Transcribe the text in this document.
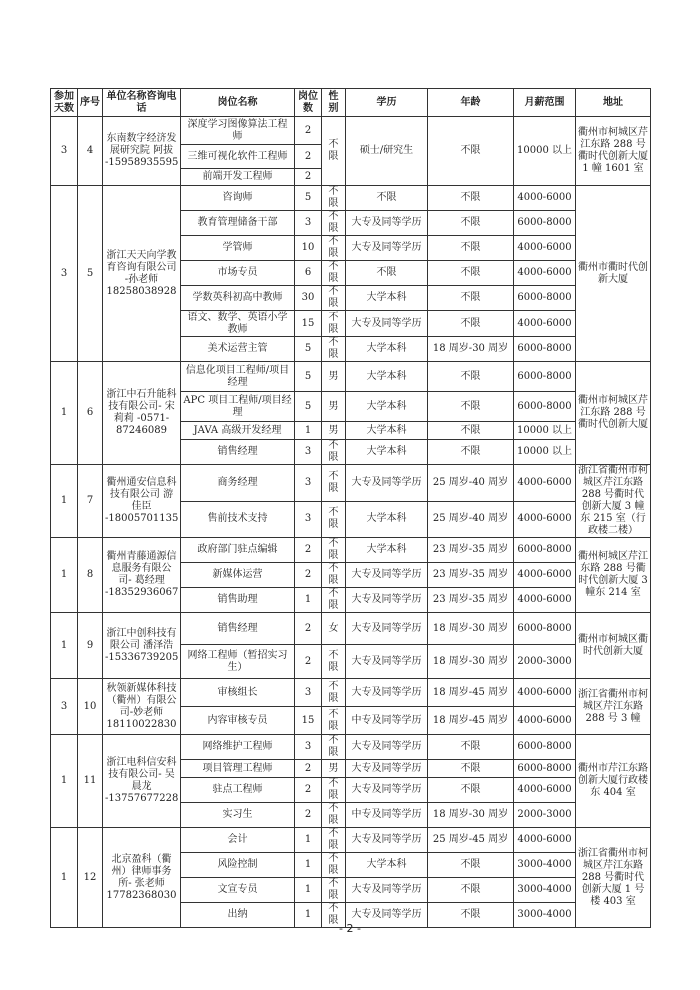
参加天数	序号	单位名称咨询电话	岗位名称	岗位数	性别	学历	年龄	月薪范围	地址
3	4	东南数字经济发展研究院 阿拔 -15958935595	深度学习图像算法工程师	2	不限	硕士/研究生	不限	10000 以上	衢州市柯城区芹江东路 288 号衢时代创新大厦 1 幢 1601 室
			三维可视化软件工程师	2					
			前端开发工程师	2					
3	5	浙江天天向学教育咨询有限公司 -孙老师 18258038928	咨询师	5	不限	不限	不限	4000-6000	衢州市衢时代创新大厦
			教育管理储备干部	3	不限	大专及同等学历	不限	6000-8000	
			学管师	10	不限	大专及同等学历	不限	4000-6000	
			市场专员	6	不限	不限	不限	4000-6000	
			学数英科初高中教师	30	不限	大学本科	不限	6000-8000	
			语文、数学、英语小学教师	15	不限	大专及同等学历	不限	4000-6000	
			美术运营主管	5	不限	大学本科	18 周岁-30 周岁	6000-8000	
1	6	浙江中石升能科技有限公司- 宋莉莉 -0571-87246089	信息化项目工程师/项目经理	5	男	大学本科	不限	6000-8000	衢州市柯城区芹江东路 288 号衢时代创新大厦
			APC 项目工程师/项目经理	5	男	大学本科	不限	6000-8000	
			JAVA 高级开发经理	1	男	大学本科	不限	10000 以上	
			销售经理	3	不限	大学本科	不限	10000 以上	
1	7	衢州通安信息科技有限公司 游佳臣 -18005701135	商务经理	3	不限	大专及同等学历	25 周岁-40 周岁	4000-6000	浙江省衢州市柯城区芹江东路 288 号衢时代创新大厦 3 幢东 215 室（行政楼二楼）
			售前技术支持	3	不限	大学本科	25 周岁-40 周岁	4000-6000	
1	8	衢州青藤通源信息服务有限公司- 葛经理 -18352936067	政府部门驻点编辑	2	不限	大学本科	23 周岁-35 周岁	6000-8000	衢州柯城区芹江东路 288 号衢时代创新大厦 3 幢东 214 室
			新媒体运营	2	不限	大专及同等学历	23 周岁-35 周岁	4000-6000	
			销售助理	1	不限	大专及同等学历	23 周岁-35 周岁	4000-6000	
1	9	浙江中创科技有限公司 潘泽浩 -15336739205	销售经理	2	女	大专及同等学历	18 周岁-30 周岁	6000-8000	衢州市柯城区衢时代创新大厦
			网络工程师（暂招实习生）	2	不限	大专及同等学历	18 周岁-30 周岁	2000-3000	
3	10	秋领新媒体科技（衢州）有限公司-妙老师 18110022830	审核组长	3	不限	大专及同等学历	18 周岁-45 周岁	4000-6000	浙江省衢州市柯城区芹江东路 288 号 3 幢
			内容审核专员	15	不限	中专及同等学历	18 周岁-45 周岁	4000-6000	
1	11	浙江电科信安科技有限公司- 吴晨龙 -13757677228	网络维护工程师	3	不限	大专及同等学历	不限	6000-8000	衢州市芹江东路创新大厦行政楼东 404 室
			项目管理工程师	2	男	大专及同等学历	不限	6000-8000	
			驻点工程师	2	不限	大专及同等学历	不限	4000-6000	
			实习生	2	不限	中专及同等学历	18 周岁-30 周岁	2000-3000	
1	12	北京盈科（衢州）律师事务所- 张老师 17782368030	会计	1	不限	大专及同等学历	25 周岁-45 周岁	4000-6000	浙江省衢州市柯城区芹江东路 288 号衢时代创新大厦 1 号楼 403 室
			风险控制	1	不限	大学本科	不限	3000-4000	
			文宣专员	1	不限	大专及同等学历	不限	3000-4000	
			出纳	1	不限	大专及同等学历	不限	3000-4000	
- 2 -
